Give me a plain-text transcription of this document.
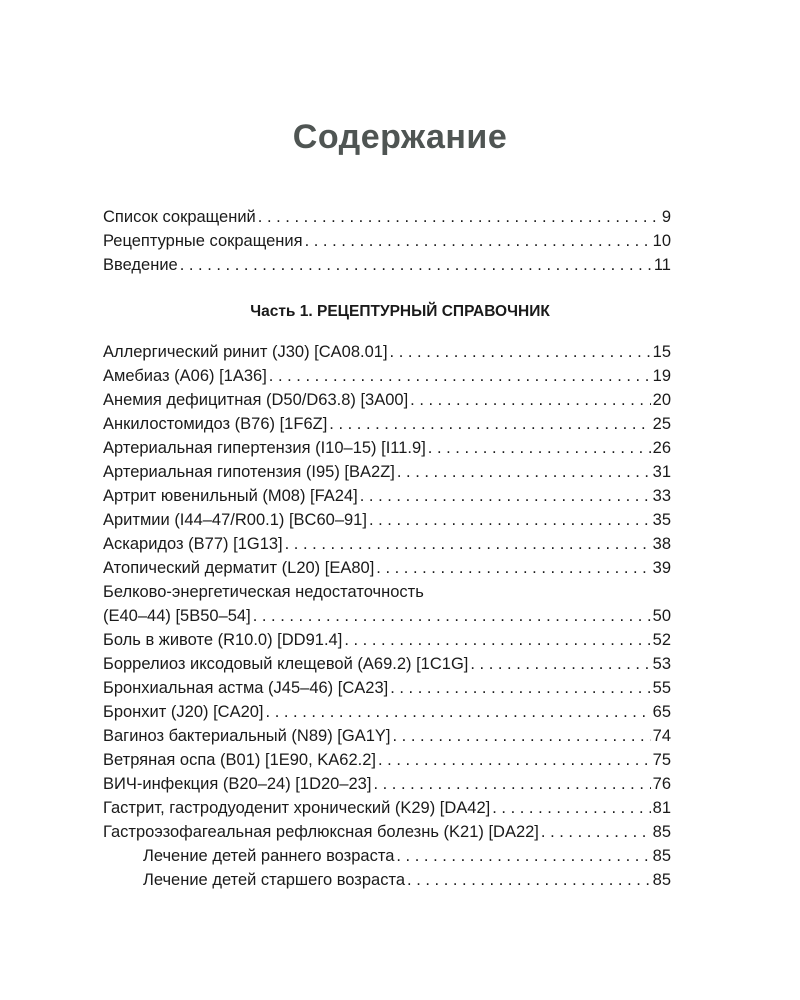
Содержание
Список сокращений . . .	9
Рецептурные сокращения . . .	10
Введение . . .	11
Часть 1. РЕЦЕПТУРНЫЙ СПРАВОЧНИК
Аллергический ринит (J30) [CA08.01] . . .	15
Амебиаз (A06) [1A36] . . .	19
Анемия дефицитная (D50/D63.8) [3A00] . . .	20
Анкилостомидоз (B76) [1F6Z] . . .	25
Артериальная гипертензия (I10–15) [I11.9] . . .	26
Артериальная гипотензия (I95) [BA2Z] . . .	31
Артрит ювенильный (M08) [FA24] . . .	33
Аритмии (I44–47/R00.1) [BC60–91] . . .	35
Аскаридоз (B77) [1G13] . . .	38
Атопический дерматит (L20) [EA80] . . .	39
Белково-энергетическая недостаточность
(E40–44) [5B50–54] . . .	50
Боль в животе (R10.0) [DD91.4] . . .	52
Боррелиоз иксодовый клещевой (A69.2) [1C1G] . . .	53
Бронхиальная астма (J45–46) [CA23] . . .	55
Бронхит (J20) [CA20] . . .	65
Вагиноз бактериальный (N89) [GA1Y] . . .	74
Ветряная оспа (B01) [1E90, KA62.2] . . .	75
ВИЧ-инфекция (B20–24) [1D20–23] . . .	76
Гастрит, гастродуоденит хронический (K29) [DA42] . . .	81
Гастроэзофагеальная рефлюксная болезнь (K21) [DA22] . . .	85
Лечение детей раннего возраста . . .	85
Лечение детей старшего возраста . . .	85
